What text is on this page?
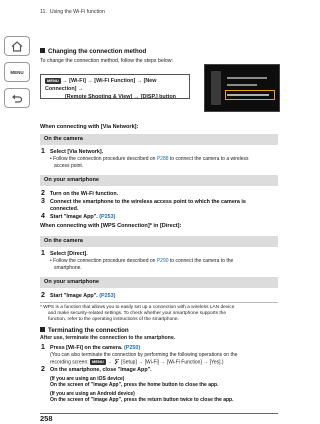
11. Using the Wi-Fi function
MENU
Changing the connection method
To change the connection method, follow the steps below:
MENU → [Wi-Fi] → [Wi-Fi Function] → [New Connection] →
[Remote Shooting & View] → [DISP.] button
When connecting with [Via Network]:
On the camera
1 Select [Via Network].
• Follow the connection procedure described on P288 to connect the camera to a wireless
access point.
On your smartphone
2 Turn on the Wi-Fi function.
3 Connect the smartphone to the wireless access point to which the camera is
connected.
4 Start "Image App". (P253)
When connecting with [WPS Connection]* in [Direct]:
On the camera
1 Select [Direct].
• Follow the connection procedure described on P290 to connect the camera to the
smartphone.
On your smartphone
2 Start "Image App". (P253)
* WPS is a function that allows you to easily set up a connection with a wireless LAN device
and make security-related settings. To check whether your smartphone supports the
function, refer to the operating instructions of the smartphone.
Terminating the connection
After use, terminate the connection to the smartphone.
1 Press [Wi-Fi] on the camera. (P250)
(You can also terminate the connection by performing the following operations on the
recording screen: MENU →  [Setup] → [Wi-Fi] → [Wi-Fi Function] → [Yes].)
2 On the smartphone, close "Image App".
(If you are using an iOS device)
On the screen of "Image App", press the home button to close the app.
(If you are using an Android device)
On the screen of "Image App", press the return button twice to close the app.
258
